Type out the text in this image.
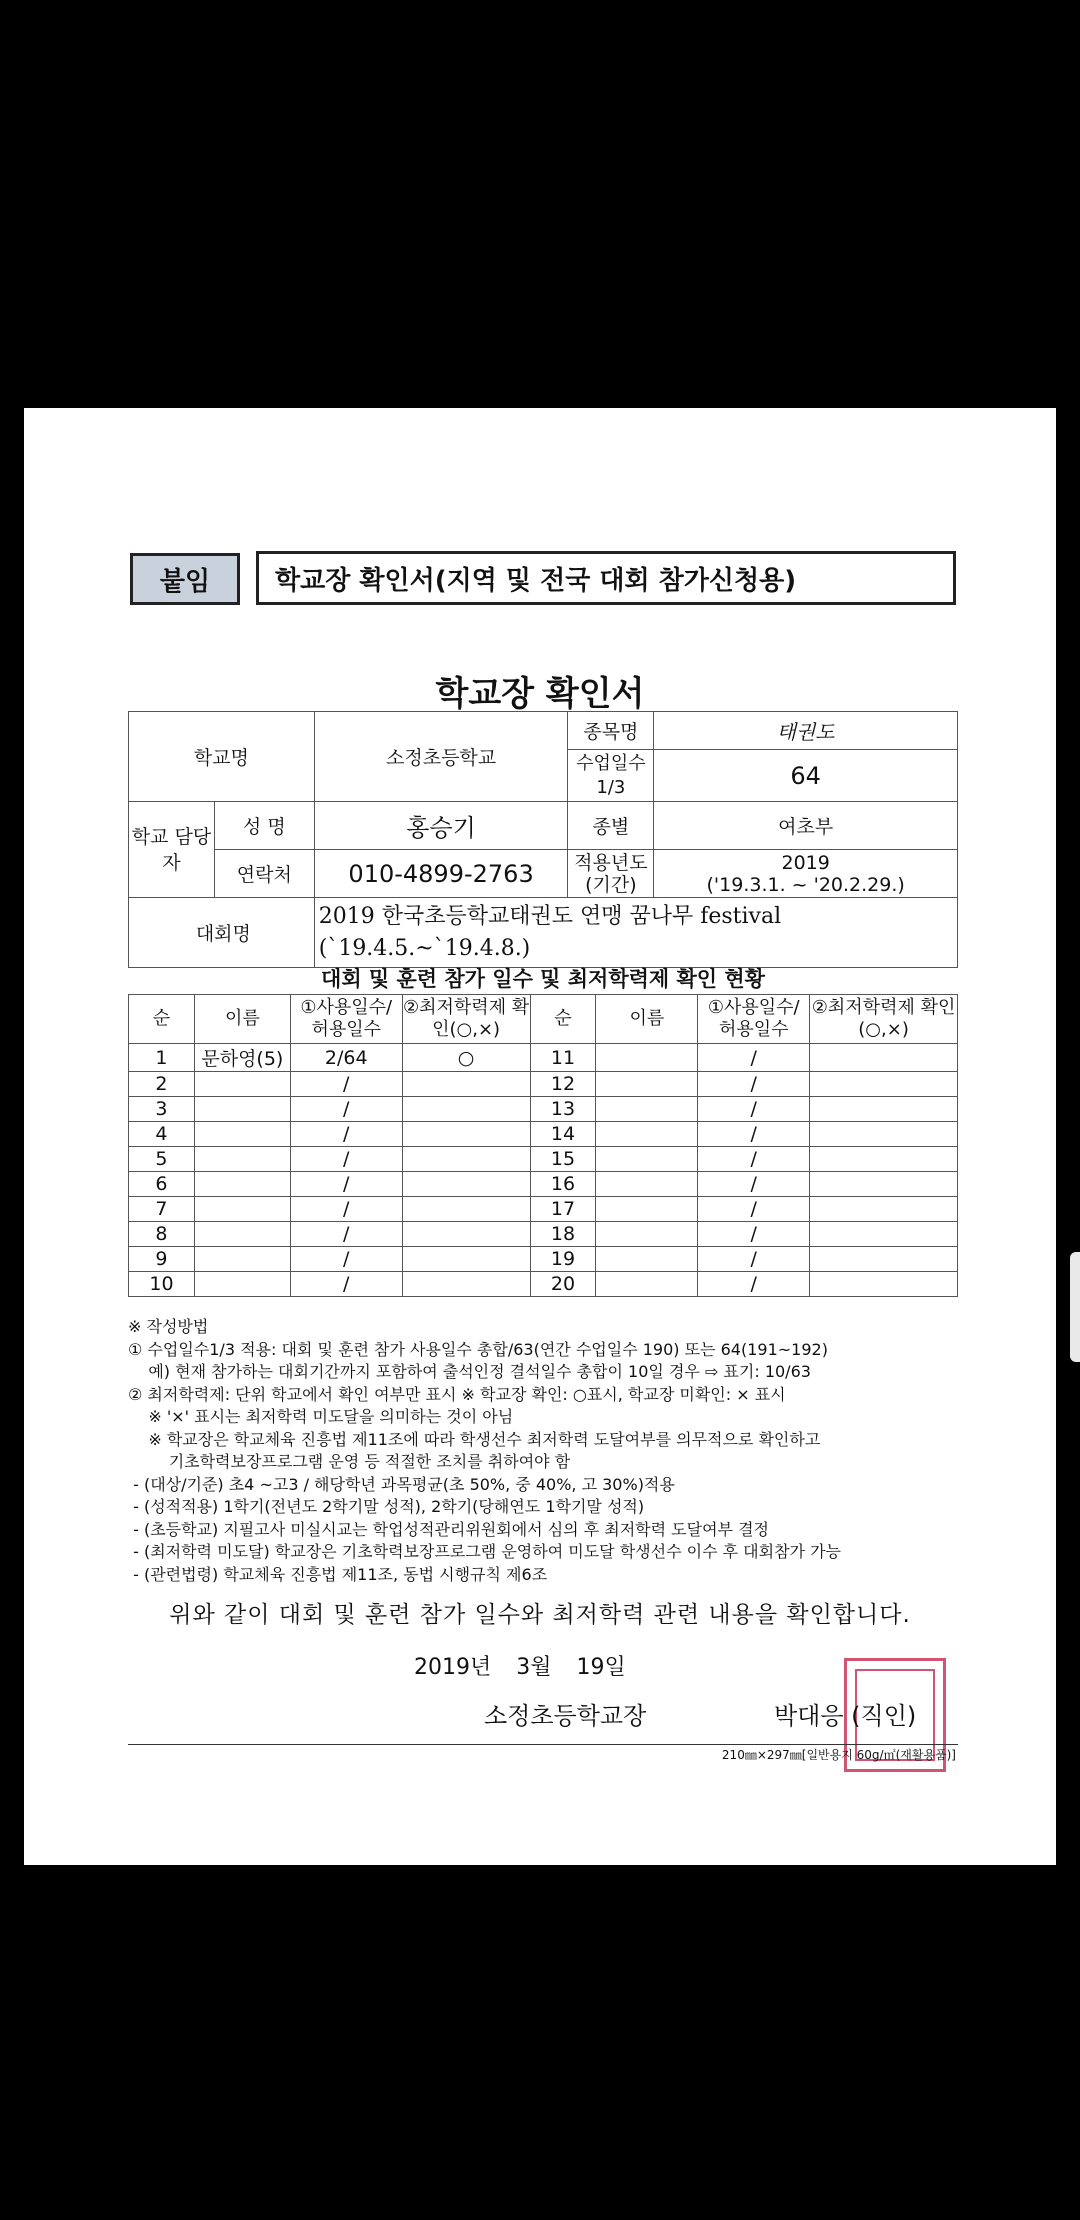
붙임	학교장 확인서(지역 및 전국 대회 참가신청용)
학교장 확인서
학교명		소정초등학교	종목명	태권도
			수업일수 1/3	64
학교 담당자	성 명	홍승기	종별	여초부
	연락처	010-4899-2763	적용년도 (기간)	2019
('19.3.1. ~ '20.2.29.)

대회명		2019 한국초등학교태권도 연맹 꿈나무 festival
(`19.4.5.~`19.4.8.)		
대회 및 훈련 참가 일수 및 최저학력제 확인 현황
순	이름	①사용일수/ 허용일수	②최저학력제 확인(○,×)	순	이름	①사용일수/ 허용일수	②최저학력제 확인(○,×)
1	문하영(5)	2/64	○	11		/	
2		/		12		/	
3		/		13		/	
4		/		14		/	
5		/		15		/	
6		/		16		/	
7		/		17		/	
8		/		18		/	
9		/		19		/	
10		/		20		/	
※ 작성방법
① 수업일수1/3 적용: 대회 및 훈련 참가 사용일수 총합/63(연간 수업일수 190) 또는 64(191~192)
예) 현재 참가하는 대회기간까지 포함하여 출석인정 결석일수 총합이 10일 경우 ⇨ 표기: 10/63
② 최저학력제: 단위 학교에서 확인 여부만 표시 ※ 학교장 확인: ○표시, 학교장 미확인: × 표시
※ '×' 표시는 최저학력 미도달을 의미하는 것이 아님
※ 학교장은 학교체육 진흥법 제11조에 따라 학생선수 최저학력 도달여부를 의무적으로 확인하고
기초학력보장프로그램 운영 등 적절한 조치를 취하여야 함
- (대상/기준) 초4 ~고3 / 해당학년 과목평균(초 50%, 중 40%, 고 30%)적용
- (성적적용) 1학기(전년도 2학기말 성적), 2학기(당해연도 1학기말 성적)
- (초등학교) 지필고사 미실시교는 학업성적관리위원회에서 심의 후 최저학력 도달여부 결정
- (최저학력 미도달) 학교장은 기초학력보장프로그램 운영하여 미도달 학생선수 이수 후 대회참가 가능
- (관련법령) 학교체육 진흥법 제11조, 동법 시행규칙 제6조
위와 같이 대회 및 훈련 참가 일수와 최저학력 관련 내용을 확인합니다.
2019년 3월 19일
소정초등학교장	박대응 (직인)
210㎜×297㎜[일반용지 60g/㎡(재활용품)]
